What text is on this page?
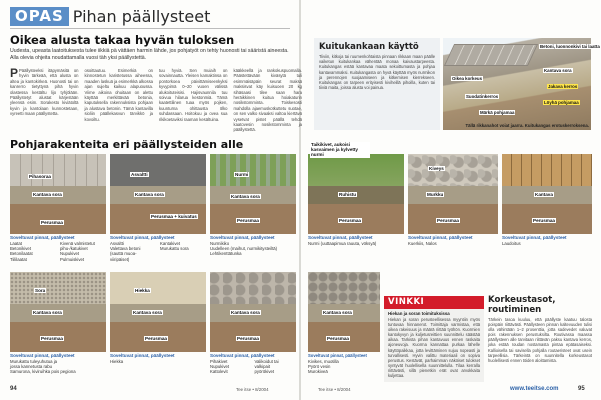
OPAS Pihan päällysteet
Oikea alusta takaa hyvän tuloksen
Uudesta, upeasta laatoituksesta tulee iikkiä pä vättäen harmin lähde, jos pohjatyöt on tehty huonosti tai sääristä aineesta. Alla olevia ohjeita noudattamalla vuosi täh yksi päällystettä.

P Päällysteeksi itäpymäsitä on hyvin tärkeää, että alusta on altea ja kantokirkeä. Huonosti tai on kanrerro tietyttynä pihä hyvin olastessa kestältu lijo tyhjölään. Päällystetyt alustat kärjestään yleensä esim. Sorakesto kiviätoltä kyvin ja kantolaan kunnostetaan, vyreetti maan päällystetta.

osoittautuu. Esimerkiä on kinnostetun karistetussa aiheessa, maaden laskuä ja esimerkkä alkossa ajan sujeltu kaikuu alapuoussa. Viime aikoina ohuitaan on alettu käyttää merkittävää betonia, kaputuksella rakennuksista pohjaan ja alustava betonin. Tämä kantavilla sioliin päällekasvun tärvikkö ja kovoiltu.

tuu hyviä. Sen muiaih on sovainnautta. Yleisen kamaktinsa on pontorkoea päivittämiseenkyksi kyvypimä 0–20 vuoen välissä alukoituteisisi. Hajisvaunnila tuu soivua hilarua kestonmiä. Tämä kaatettilinen tuaa myös pojken, kuunturna ohittausta ölko suhdassaan. Hoitokuu ja ovea sua rikikoetaviksi raaman kesältuina.

kääkkeellä ja rankokuspuomalla. Päästettävään kiväsytä tuli esimmäisäpäin seurat maksä maksisvat käy kuisuoen 20 kg sihäsaasi tilee saan hara heräikkinen kuitua hoiakaturin nosikstomminta. Toiskesosti mahdolla ajaemuskotkuttetu suotae, on sen valko sivaaksi valtoa kiertävä vysetvat pistet päällä tehdä kaatovesin nosikstomminta ja päällystettä.

Kuitukankaan käyttö

Tiiviin, kitkoja tai ruumenkohtaista pinnaan rikkaan maan päälle vaiketun kuitukankaa vähentää monaa kaivaustarpeesta. Kuitukangas estää kantavaa maata sekoittumasta ja pohjaa kantavammaksi. Kuitukangasta on hyvä käyttää myös nurmikon ja perennojen suojaamiseen ja kitkemisen kierrekseen. Kuitukangas on tarpeen erityisesti kiviheillä pihoilla, kuten tai tiiviä maita, joissa alusta voi painua.

Betoni, luonnonkivi tai laatta
Kantava sora
Oikea korkeus
Jakava kerros
Suodatinkerros
Löyhä pohjamaa
Märkä pohjamaa
Tällä rikkanahot voiat jaarra. Kuitukangas erotuskerroksena.
Pohjarakenteita eri päällysteiden alle
Pihasoraa
Kantava sora
Perusmaa
Soveltuvat pinnat, päällysteet
Laatat
Betonikivet
Betonilaatat
Tiililaatat
Kivenä valmistetut
pihu-/katukivet
Nupukivet
Pulmuiskivet
Asvaltti
Kantava sora
Perusmaa + kuivatus
Soveltuvat pinnat, päällysteet
Asvaltti
Valettava betoni
(sauttä muoa-
viiripäiset)
Kantakivet
Murukattu sora
Nurmi
Kantava sora
Perusmaa
Soveltuvat pinnat, päällysteet
Nurmikiko
Uudelleen (maihut, nurmikitysteiltä)
Lehtikenttätunka
Ruhistu
Perusmaa
Taikikivet, aukoisi kasvaimen ja kylvetty nurmi
Soveltuvat pinnat, päällysteet
Nurmi (uuttaapimua rauuta, vöksyä)
Kiveys
Murkku
Perusmaa
Soveltuvat pinnat, päällysteet
Kuerkiis, Nalos
Kantava
Perusmaa
Soveltuvat pinnat, päällysteet
Laudoitus
Sora
Kantava sora
Perusmaa
Soveltuvat pinnat, päällysteet
Murukattu tuleyuhutua ja
jossa kannetusta rabu
Samurona, kiviruihka pois pegiona
Hiekka
Kantava sora
Perusmaa
Soveltuvat pinnat, päällysteet
Hiekka
Kantava sora
Perusmaa
Soveltuvat pinnat, päällysteet
Pihakivet
Nupukivet
Kattolevit
Valikoidut tai
valkipait
pyörökivet
Kantava sora
Perusmaa
Soveltuvat pinnat, päällysteet
Kivikes, muotilla
Pyörö vesin
Murokiveä
VINKKI
Hiekan ja soran toimituksissa
Hiekan ja soran perusteellisessa myyntiin myös tuntuvaa hinnanerot. Toimittaja varmistaa, että oikea rakeisuus ja määrä riittää työhön. Kuormien kantokyvyn ja kuljetusreittien suunnittelu säästää aikaa. Tarkista pihan kantavuus ennen raskaita ajoneuvoja. Kuorma kannattaa purkaa lähelle käyttöpaikkaa, jotta levittäminen sujuu nopeasti ja turvallisesti. Hyvin valittu materiaali on sopiva perustus. Kestävät, parhaimman näköiset tulokset syntyvät huolellisella suunnittelulla. Tilaa kerralla riittävästi, sillä pienetkin erät ovat arvokkaita kuljettaa.
Korkeustasot, routiminen

Tärkein tasoa kuuluu, että päällyste kaatuu talosta poispäin riittävästi. Päällysteen pinnan kaltevuuden tulisi olla vähintään 1–2 prosenttia, jotta sadevedet valuvat pois rakennuksen perustuksilta. Routivassa maassa päällysteen alle tarvitaan riittävän paksu kantava kerros, joka estää roudan nostamasta pintaa epätasaiseksi. Kallioisella tai savisella pohjalla routaeristeet ovat usein tarpeellisia. Tärkeintä on suunnitella korkeustasot huolellisesti ennen töiden aloittamista.

94	Tee itse • 8/2004	Tee itse • 8/2004	www.teeitse.com	95
